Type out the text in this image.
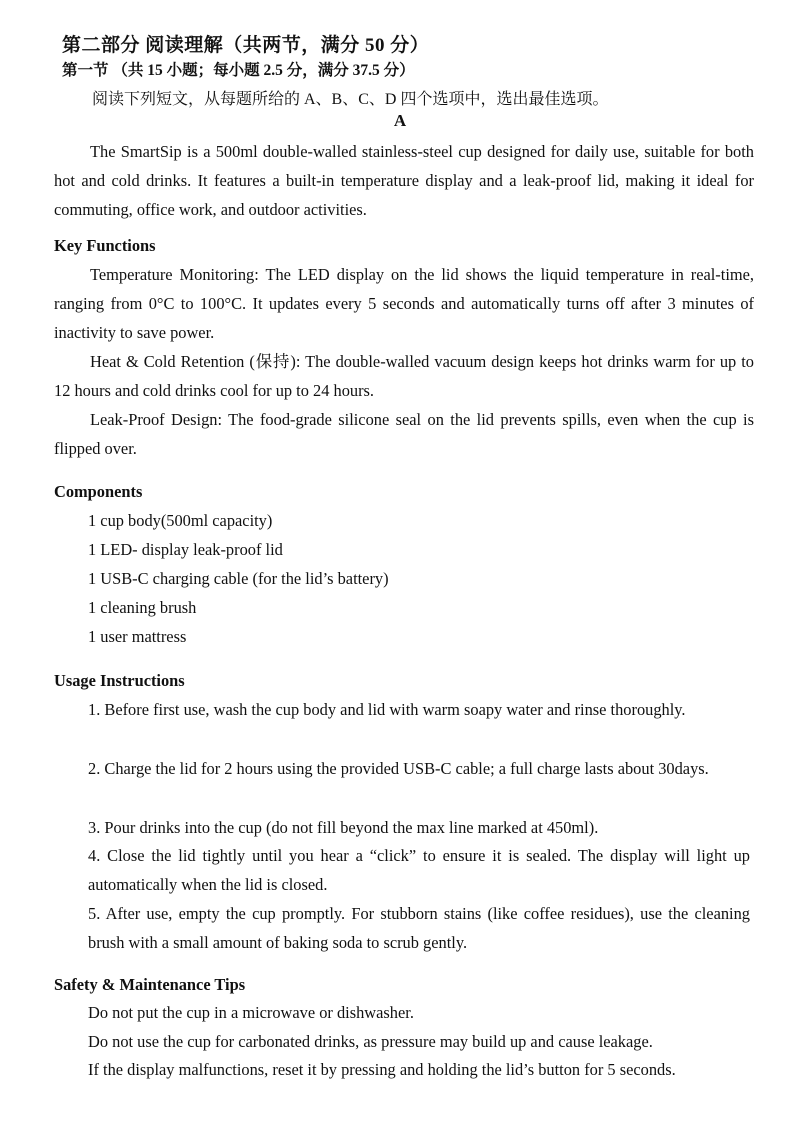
第二部分 阅读理解（共两节，满分 50 分）
第一节 （共 15 小题；每小题 2.5 分，满分 37.5 分）
阅读下列短文，从每题所给的 A、B、C、D 四个选项中，选出最佳选项。
A

The SmartSip is a 500ml double-walled stainless-steel cup designed for daily use, suitable for both hot and cold drinks. It features a built-in temperature display and a leak-proof lid, making it ideal for commuting, office work, and outdoor activities.

Key Functions

Temperature Monitoring: The LED display on the lid shows the liquid temperature in real-time, ranging from 0°C to 100°C. It updates every 5 seconds and automatically turns off after 3 minutes of inactivity to save power.

Heat & Cold Retention (保持): The double-walled vacuum design keeps hot drinks warm for up to 12 hours and cold drinks cool for up to 24 hours.

Leak-Proof Design: The food-grade silicone seal on the lid prevents spills, even when the cup is flipped over.

Components
1 cup body(500ml capacity)
1 LED- display leak-proof lid
1 USB-C charging cable (for the lid’s battery)
1 cleaning brush
1 user mattress
Usage Instructions

1. Before first use, wash the cup body and lid with warm soapy water and rinse thoroughly.

2. Charge the lid for 2 hours using the provided USB-C cable; a full charge lasts about 30days.

3. Pour drinks into the cup (do not fill beyond the max line marked at 450ml).

4. Close the lid tightly until you hear a “click” to ensure it is sealed. The display will light up automatically when the lid is closed.

5. After use, empty the cup promptly. For stubborn stains (like coffee residues), use the cleaning brush with a small amount of baking soda to scrub gently.

Safety & Maintenance Tips
Do not put the cup in a microwave or dishwasher.
Do not use the cup for carbonated drinks, as pressure may build up and cause leakage.
If the display malfunctions, reset it by pressing and holding the lid’s button for 5 seconds.
